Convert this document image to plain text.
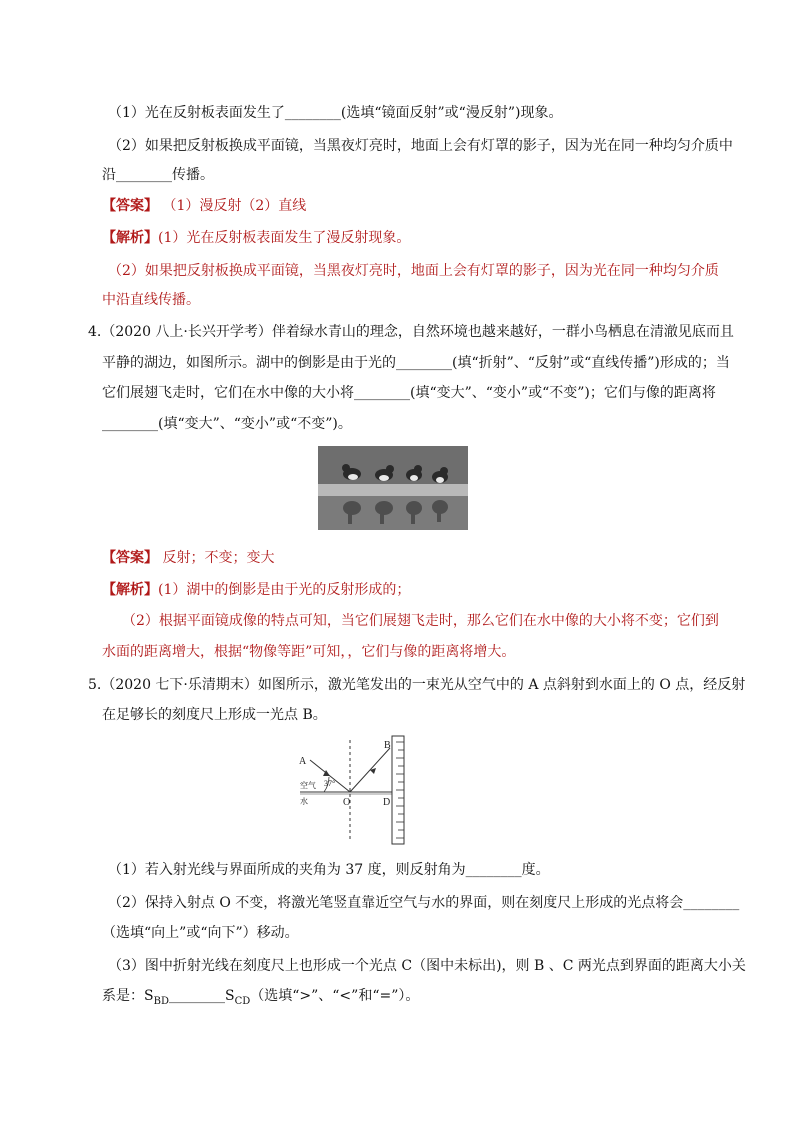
（1）光在反射板表面发生了________(选填“镜面反射”或“漫反射”)现象。
（2）如果把反射板换成平面镜，当黑夜灯亮时，地面上会有灯罩的影子，因为光在同一种均匀介质中
沿________传播。
【答案】 （1）漫反射（2）直线
【解析】(1）光在反射板表面发生了漫反射现象。
（2）如果把反射板换成平面镜，当黑夜灯亮时，地面上会有灯罩的影子，因为光在同一种均匀介质
中沿直线传播。
4.（2020 八上·长兴开学考）伴着绿水青山的理念，自然环境也越来越好，一群小鸟栖息在清澈见底而且
平静的湖边，如图所示。湖中的倒影是由于光的________(填“折射”、“反射”或“直线传播”)形成的；当
它们展翅飞走时，它们在水中像的大小将________(填“变大”、“变小”或“不变”)；它们与像的距离将
________(填“变大”、“变小”或“不变”)。
【答案】 反射；不变；变大
【解析】(1）湖中的倒影是由于光的反射形成的；
（2）根据平面镜成像的特点可知，当它们展翅飞走时，那么它们在水中像的大小将不变；它们到
水面的距离增大，根据“物像等距”可知，，它们与像的距离将增大。
5.（2020 七下·乐清期末）如图所示，激光笔发出的一束光从空气中的 A 点斜射到水面上的 O 点，经反射
在足够长的刻度尺上形成一光点 B。
A
B
O	D
空气
水
37°
（1）若入射光线与界面所成的夹角为 37 度，则反射角为________度。
（2）保持入射点 O 不变，将激光笔竖直靠近空气与水的界面，则在刻度尺上形成的光点将会________
（选填“向上”或“向下”）移动。
（3）图中折射光线在刻度尺上也形成一个光点 C（图中未标出)，则 B 、C 两光点到界面的距离大小关
系是：$S_{BD}\_\_\_\_\_\_\_\_S_{CD}$（选填“>”、“<”和“=”）。
